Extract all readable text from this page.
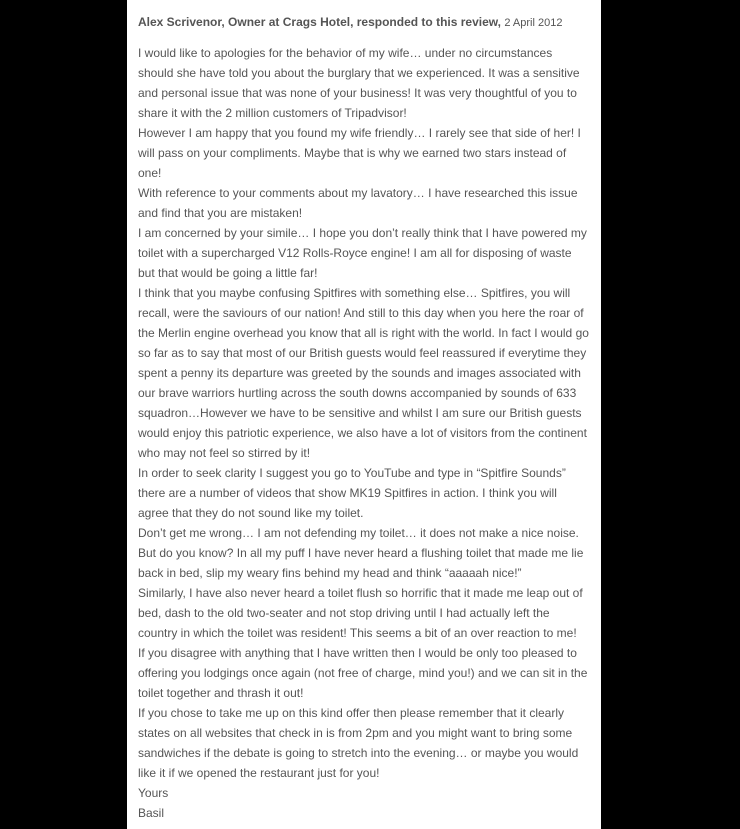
Alex Scrivenor, Owner at Crags Hotel, responded to this review, 2 April 2012

I would like to apologies for the behavior of my wife… under no circumstances should she have told you about the burglary that we experienced. It was a sensitive and personal issue that was none of your business! It was very thoughtful of you to share it with the 2 million customers of Tripadvisor!

However I am happy that you found my wife friendly… I rarely see that side of her! I will pass on your compliments. Maybe that is why we earned two stars instead of one!

With reference to your comments about my lavatory… I have researched this issue and find that you are mistaken!

I am concerned by your simile… I hope you don’t really think that I have powered my toilet with a supercharged V12 Rolls-Royce engine! I am all for disposing of waste but that would be going a little far!

I think that you maybe confusing Spitfires with something else… Spitfires, you will recall, were the saviours of our nation! And still to this day when you here the roar of the Merlin engine overhead you know that all is right with the world. In fact I would go so far as to say that most of our British guests would feel reassured if everytime they spent a penny its departure was greeted by the sounds and images associated with our brave warriors hurtling across the south downs accompanied by sounds of 633 squadron…However we have to be sensitive and whilst I am sure our British guests would enjoy this patriotic experience, we also have a lot of visitors from the continent who may not feel so stirred by it!

In order to seek clarity I suggest you go to YouTube and type in “Spitfire Sounds” there are a number of videos that show MK19 Spitfires in action. I think you will agree that they do not sound like my toilet.

Don’t get me wrong… I am not defending my toilet… it does not make a nice noise. But do you know? In all my puff I have never heard a flushing toilet that made me lie back in bed, slip my weary fins behind my head and think “aaaaah nice!”

Similarly, I have also never heard a toilet flush so horrific that it made me leap out of bed, dash to the old two-seater and not stop driving until I had actually left the country in which the toilet was resident! This seems a bit of an over reaction to me!

If you disagree with anything that I have written then I would be only too pleased to offering you lodgings once again (not free of charge, mind you!) and we can sit in the toilet together and thrash it out!

If you chose to take me up on this kind offer then please remember that it clearly states on all websites that check in is from 2pm and you might want to bring some sandwiches if the debate is going to stretch into the evening… or maybe you would like it if we opened the restaurant just for you!

Yours

Basil
